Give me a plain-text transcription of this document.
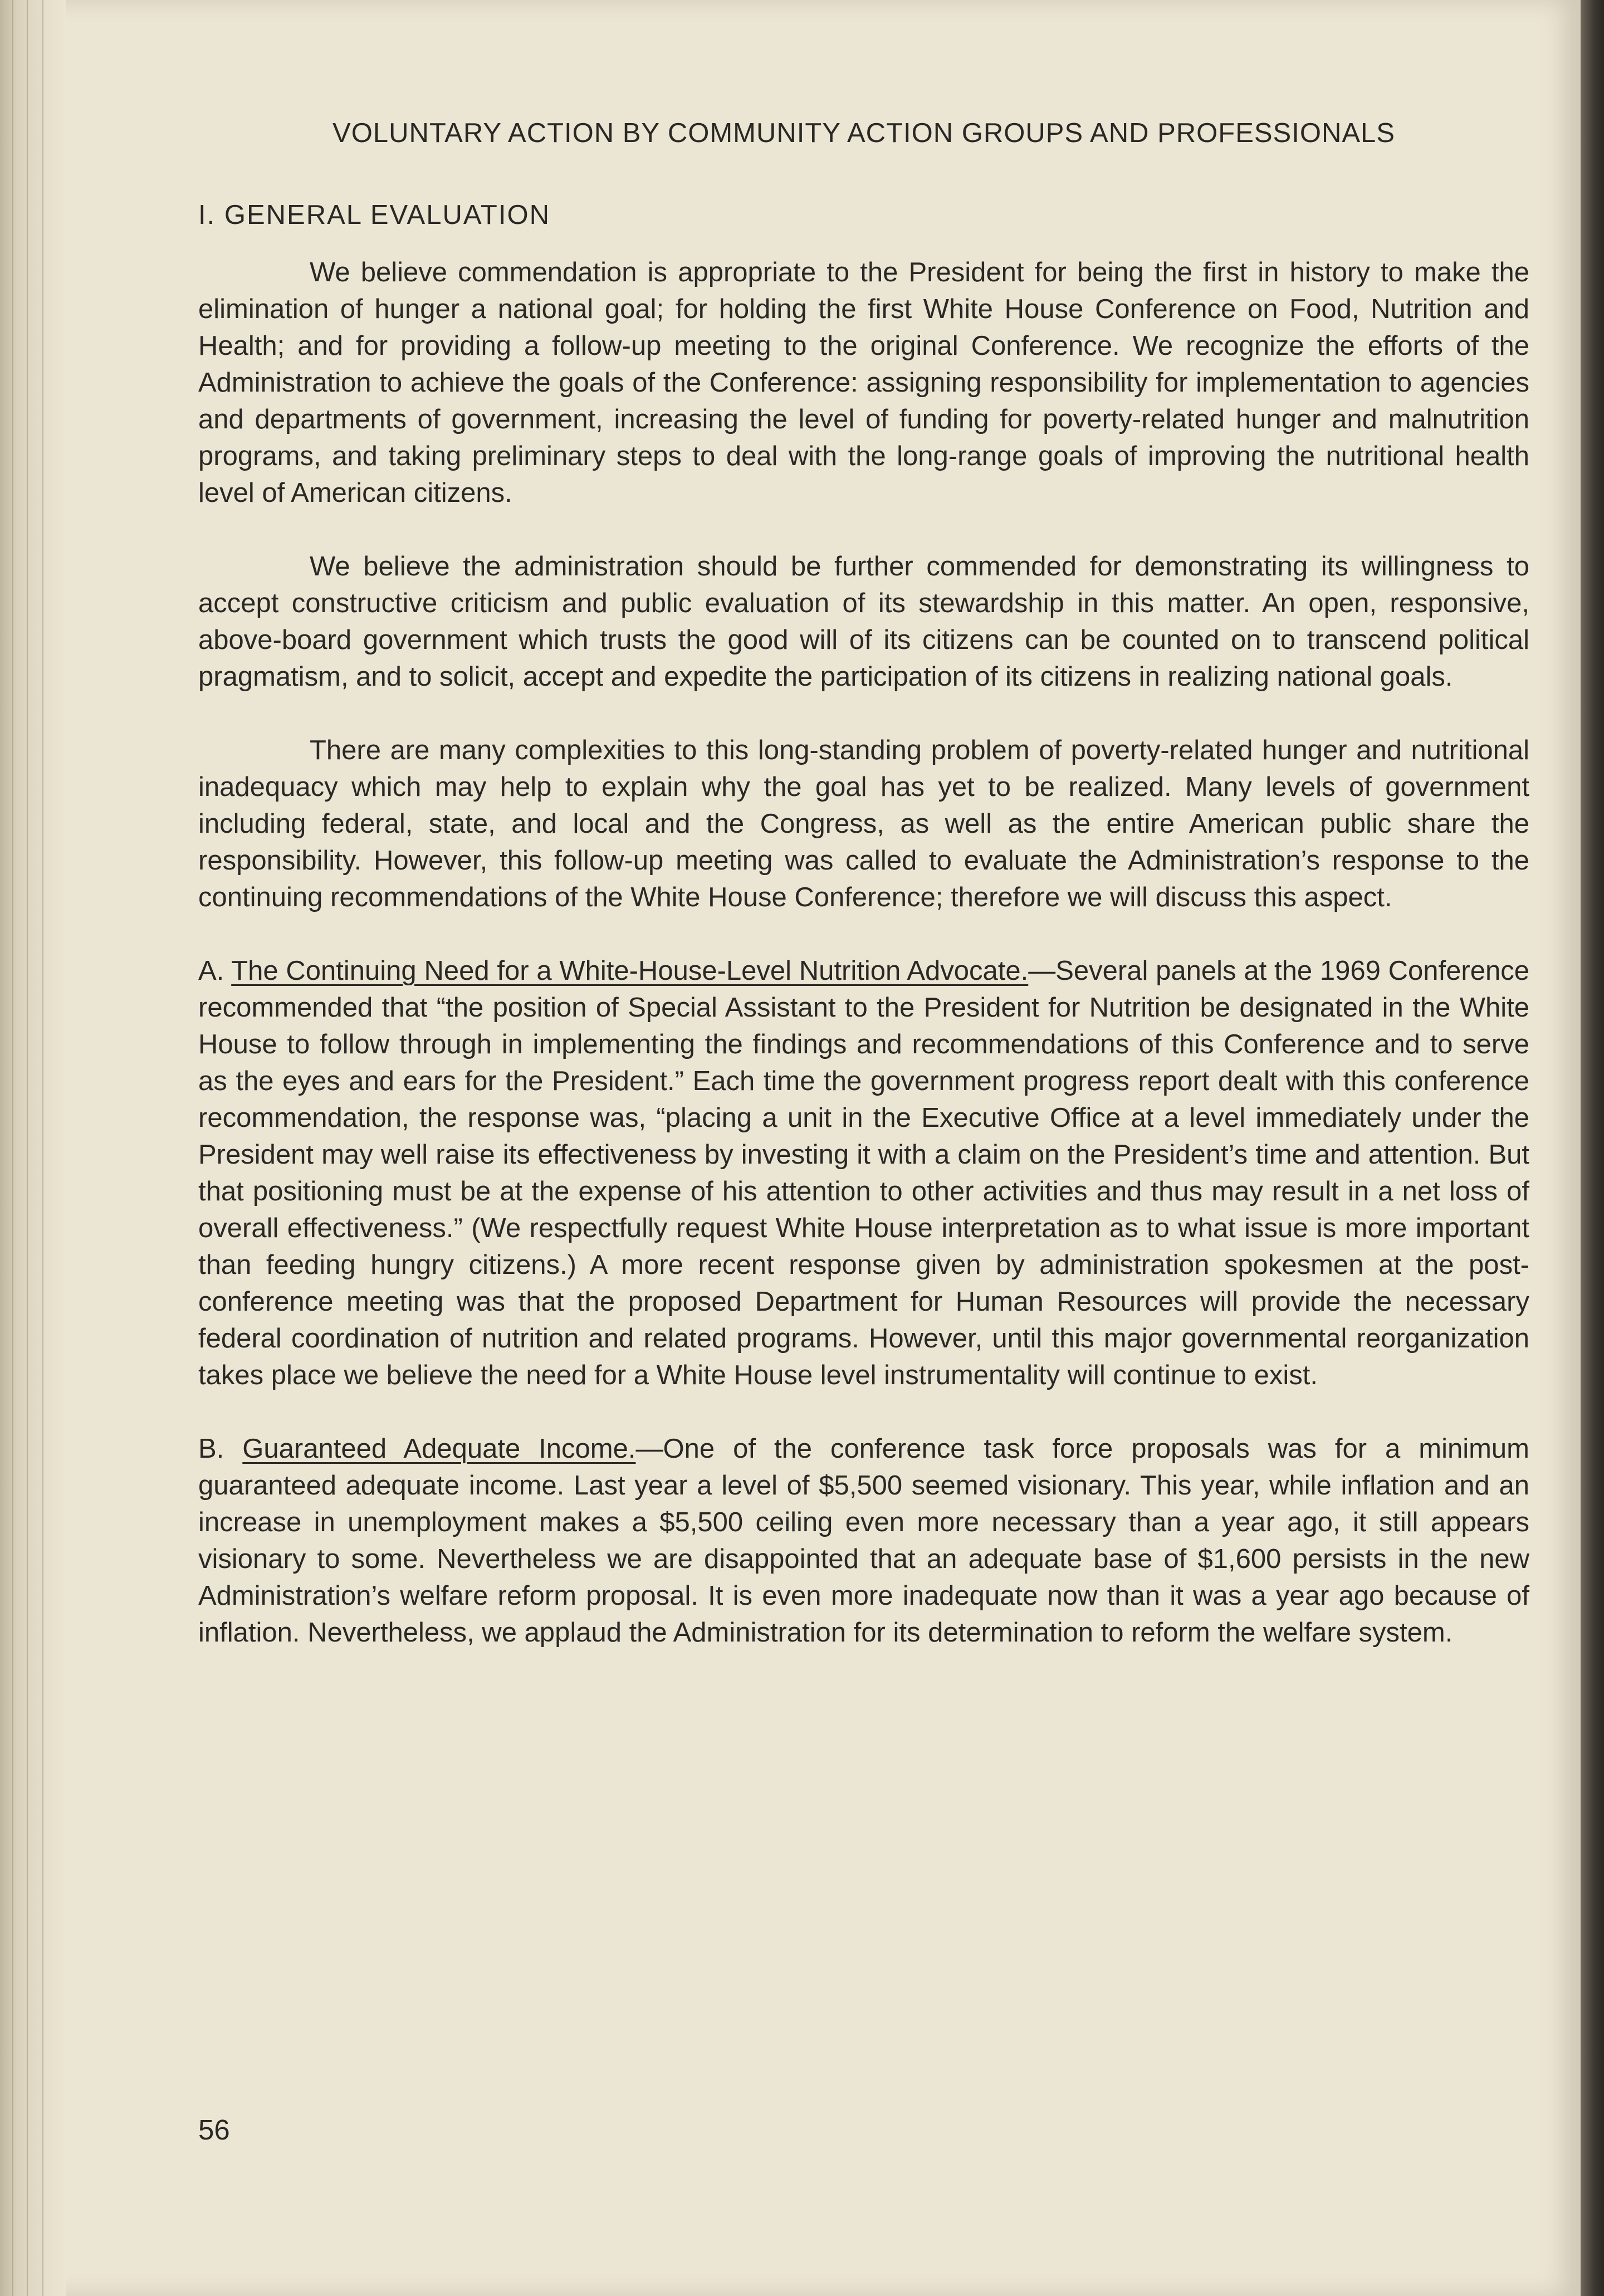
VOLUNTARY ACTION BY COMMUNITY ACTION GROUPS AND PROFESSIONALS
I. GENERAL EVALUATION

We believe commendation is appropriate to the President for being the first in history to make the elimination of hunger a national goal; for holding the first White House Conference on Food, Nutrition and Health; and for providing a follow-up meeting to the original Conference. We recognize the efforts of the Administration to achieve the goals of the Conference: assigning responsibility for implementation to agencies and departments of government, increasing the level of funding for poverty-related hunger and malnutrition programs, and taking preliminary steps to deal with the long-range goals of improving the nutritional health level of American citizens.

We believe the administration should be further commended for demonstrating its willingness to accept constructive criticism and public evaluation of its stewardship in this matter. An open, responsive, above-board government which trusts the good will of its citizens can be counted on to transcend political pragmatism, and to solicit, accept and expedite the participation of its citizens in realizing national goals.

There are many complexities to this long-standing problem of poverty-related hunger and nutritional inadequacy which may help to explain why the goal has yet to be realized. Many levels of government including federal, state, and local and the Congress, as well as the entire American public share the responsibility. However, this follow-up meeting was called to evaluate the Administration’s response to the continuing recommendations of the White House Conference; therefore we will discuss this aspect.

A. The Continuing Need for a White-House-Level Nutrition Advocate.—Several panels at the 1969 Conference recommended that “the position of Special Assistant to the President for Nutrition be designated in the White House to follow through in implementing the findings and recommendations of this Conference and to serve as the eyes and ears for the President.” Each time the government progress report dealt with this conference recommendation, the response was, “placing a unit in the Executive Office at a level immediately under the President may well raise its effectiveness by investing it with a claim on the President’s time and attention. But that positioning must be at the expense of his attention to other activities and thus may result in a net loss of overall effectiveness.” (We respectfully request White House interpretation as to what issue is more important than feeding hungry citizens.) A more recent response given by administration spokesmen at the post-conference meeting was that the proposed Department for Human Resources will provide the necessary federal coordination of nutrition and related programs. However, until this major governmental reorganization takes place we believe the need for a White House level instrumentality will continue to exist.

B. Guaranteed Adequate Income.—One of the conference task force proposals was for a minimum guaranteed adequate income. Last year a level of $5,500 seemed visionary. This year, while inflation and an increase in unemployment makes a $5,500 ceiling even more necessary than a year ago, it still appears visionary to some. Nevertheless we are disappointed that an adequate base of $1,600 persists in the new Administration’s welfare reform proposal. It is even more inadequate now than it was a year ago because of inflation. Nevertheless, we applaud the Administration for its determination to reform the welfare system.

56
